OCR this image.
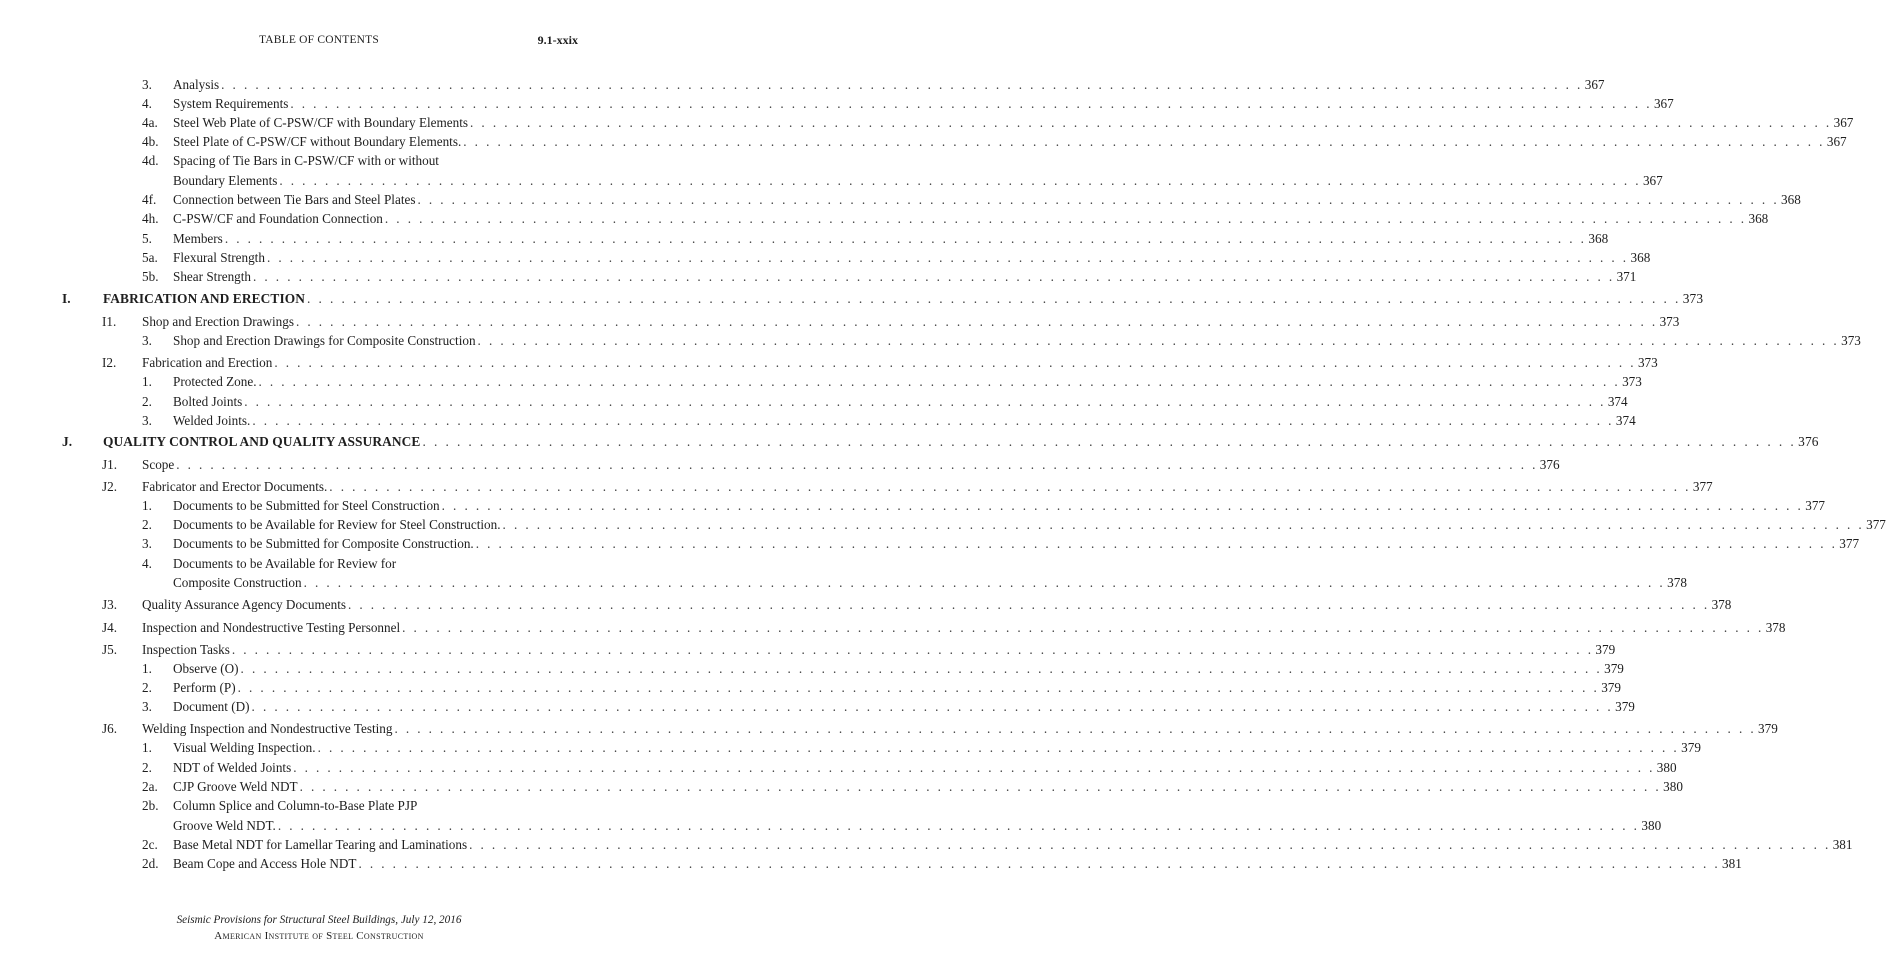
TABLE OF CONTENTS	9.1-xxix
3. Analysis . . . . . . . . . . . . . . . . . . . . . . . . . . . . . . . . . . . . . . . . . . . . . . . . . . . . . . . . . . . . . . . . . . . . . . . . . . . . . . . . . . . . . . . . . . . . . . . . . . . . . . . . . . . . . . . . . . . . . . . . 367
4. System Requirements . . . . . . . . . . . . . . . . . . . . . . . . . . . . . . . . . . . . . . . . . . . . . . . . . . . . . . . . . . . . . . . . . . . . . . . . . . . . . . . . . . . . . . . . . . . . . . . . . . . . . . . . . . . . . . . . . . . . . . . . 367
4a. Steel Web Plate of C-PSW/CF with Boundary Elements . . . . . . . . . . . . . . . . . . . . . . . . . . . . . . . . . . . . . . . . . . . . . . . . . . . . . . . . . . . . . . . . . . . . . . . . . . . . . . . . . . . . . . . . . . . . . . . . . . . . . . . . . . . . . . . . . . . . . . . . 367
4b. Steel Plate of C-PSW/CF without Boundary Elements. . . . . . . . . . . . . . . . . . . . . . . . . . . . . . . . . . . . . . . . . . . . . . . . . . . . . . . . . . . . . . . . . . . . . . . . . . . . . . . . . . . . . . . . . . . . . . . . . . . . . . . . . . . . . . . . . . . . . . . . . 367
4d. Spacing of Tie Bars in C-PSW/CF with or without
Boundary Elements . . . . . . . . . . . . . . . . . . . . . . . . . . . . . . . . . . . . . . . . . . . . . . . . . . . . . . . . . . . . . . . . . . . . . . . . . . . . . . . . . . . . . . . . . . . . . . . . . . . . . . . . . . . . . . . . . . . . . . . . 367
4f. Connection between Tie Bars and Steel Plates . . . . . . . . . . . . . . . . . . . . . . . . . . . . . . . . . . . . . . . . . . . . . . . . . . . . . . . . . . . . . . . . . . . . . . . . . . . . . . . . . . . . . . . . . . . . . . . . . . . . . . . . . . . . . . . . . . . . . . . . 368
4h. C-PSW/CF and Foundation Connection . . . . . . . . . . . . . . . . . . . . . . . . . . . . . . . . . . . . . . . . . . . . . . . . . . . . . . . . . . . . . . . . . . . . . . . . . . . . . . . . . . . . . . . . . . . . . . . . . . . . . . . . . . . . . . . . . . . . . . . . 368
5. Members . . . . . . . . . . . . . . . . . . . . . . . . . . . . . . . . . . . . . . . . . . . . . . . . . . . . . . . . . . . . . . . . . . . . . . . . . . . . . . . . . . . . . . . . . . . . . . . . . . . . . . . . . . . . . . . . . . . . . . . . 368
5a. Flexural Strength . . . . . . . . . . . . . . . . . . . . . . . . . . . . . . . . . . . . . . . . . . . . . . . . . . . . . . . . . . . . . . . . . . . . . . . . . . . . . . . . . . . . . . . . . . . . . . . . . . . . . . . . . . . . . . . . . . . . . . . . 368
5b. Shear Strength . . . . . . . . . . . . . . . . . . . . . . . . . . . . . . . . . . . . . . . . . . . . . . . . . . . . . . . . . . . . . . . . . . . . . . . . . . . . . . . . . . . . . . . . . . . . . . . . . . . . . . . . . . . . . . . . . . . . . . . . 371
I. FABRICATION AND ERECTION . . . . . . . . . . . . . . . . . . . . . . . . . . . . . . . . . . . . . . . . . . . . . . . . . . . . . . . . . . . . . . . . . . . . . . . . . . . . . . . . . . . . . . . . . . . . . . . . . . . . . . . . . . . . . . . . . . . . . . . . 373
I1. Shop and Erection Drawings . . . . . . . . . . . . . . . . . . . . . . . . . . . . . . . . . . . . . . . . . . . . . . . . . . . . . . . . . . . . . . . . . . . . . . . . . . . . . . . . . . . . . . . . . . . . . . . . . . . . . . . . . . . . . . . . . . . . . . . . 373
3. Shop and Erection Drawings for Composite Construction . . . . . . . . . . . . . . . . . . . . . . . . . . . . . . . . . . . . . . . . . . . . . . . . . . . . . . . . . . . . . . . . . . . . . . . . . . . . . . . . . . . . . . . . . . . . . . . . . . . . . . . . . . . . . . . . . . . . . . . . 373
I2. Fabrication and Erection . . . . . . . . . . . . . . . . . . . . . . . . . . . . . . . . . . . . . . . . . . . . . . . . . . . . . . . . . . . . . . . . . . . . . . . . . . . . . . . . . . . . . . . . . . . . . . . . . . . . . . . . . . . . . . . . . . . . . . . . 373
1. Protected Zone. . . . . . . . . . . . . . . . . . . . . . . . . . . . . . . . . . . . . . . . . . . . . . . . . . . . . . . . . . . . . . . . . . . . . . . . . . . . . . . . . . . . . . . . . . . . . . . . . . . . . . . . . . . . . . . . . . . . . . . . . 373
2. Bolted Joints . . . . . . . . . . . . . . . . . . . . . . . . . . . . . . . . . . . . . . . . . . . . . . . . . . . . . . . . . . . . . . . . . . . . . . . . . . . . . . . . . . . . . . . . . . . . . . . . . . . . . . . . . . . . . . . . . . . . . . . . 374
3. Welded Joints. . . . . . . . . . . . . . . . . . . . . . . . . . . . . . . . . . . . . . . . . . . . . . . . . . . . . . . . . . . . . . . . . . . . . . . . . . . . . . . . . . . . . . . . . . . . . . . . . . . . . . . . . . . . . . . . . . . . . . . . . 374
J. QUALITY CONTROL AND QUALITY ASSURANCE . . . . . . . . . . . . . . . . . . . . . . . . . . . . . . . . . . . . . . . . . . . . . . . . . . . . . . . . . . . . . . . . . . . . . . . . . . . . . . . . . . . . . . . . . . . . . . . . . . . . . . . . . . . . . . . . . . . . . . . . 376
J1. Scope . . . . . . . . . . . . . . . . . . . . . . . . . . . . . . . . . . . . . . . . . . . . . . . . . . . . . . . . . . . . . . . . . . . . . . . . . . . . . . . . . . . . . . . . . . . . . . . . . . . . . . . . . . . . . . . . . . . . . . . . 376
J2. Fabricator and Erector Documents. . . . . . . . . . . . . . . . . . . . . . . . . . . . . . . . . . . . . . . . . . . . . . . . . . . . . . . . . . . . . . . . . . . . . . . . . . . . . . . . . . . . . . . . . . . . . . . . . . . . . . . . . . . . . . . . . . . . . . . . . 377
1. Documents to be Submitted for Steel Construction . . . . . . . . . . . . . . . . . . . . . . . . . . . . . . . . . . . . . . . . . . . . . . . . . . . . . . . . . . . . . . . . . . . . . . . . . . . . . . . . . . . . . . . . . . . . . . . . . . . . . . . . . . . . . . . . . . . . . . . . 377
2. Documents to be Available for Review for Steel Construction. . . . . . . . . . . . . . . . . . . . . . . . . . . . . . . . . . . . . . . . . . . . . . . . . . . . . . . . . . . . . . . . . . . . . . . . . . . . . . . . . . . . . . . . . . . . . . . . . . . . . . . . . . . . . . . . . . . . . . . . . 377
3. Documents to be Submitted for Composite Construction. . . . . . . . . . . . . . . . . . . . . . . . . . . . . . . . . . . . . . . . . . . . . . . . . . . . . . . . . . . . . . . . . . . . . . . . . . . . . . . . . . . . . . . . . . . . . . . . . . . . . . . . . . . . . . . . . . . . . . . . . 377
4. Documents to be Available for Review for
Composite Construction . . . . . . . . . . . . . . . . . . . . . . . . . . . . . . . . . . . . . . . . . . . . . . . . . . . . . . . . . . . . . . . . . . . . . . . . . . . . . . . . . . . . . . . . . . . . . . . . . . . . . . . . . . . . . . . . . . . . . . . . 378
J3. Quality Assurance Agency Documents . . . . . . . . . . . . . . . . . . . . . . . . . . . . . . . . . . . . . . . . . . . . . . . . . . . . . . . . . . . . . . . . . . . . . . . . . . . . . . . . . . . . . . . . . . . . . . . . . . . . . . . . . . . . . . . . . . . . . . . . 378
J4. Inspection and Nondestructive Testing Personnel . . . . . . . . . . . . . . . . . . . . . . . . . . . . . . . . . . . . . . . . . . . . . . . . . . . . . . . . . . . . . . . . . . . . . . . . . . . . . . . . . . . . . . . . . . . . . . . . . . . . . . . . . . . . . . . . . . . . . . . . 378
J5. Inspection Tasks . . . . . . . . . . . . . . . . . . . . . . . . . . . . . . . . . . . . . . . . . . . . . . . . . . . . . . . . . . . . . . . . . . . . . . . . . . . . . . . . . . . . . . . . . . . . . . . . . . . . . . . . . . . . . . . . . . . . . . . . 379
1. Observe (O) . . . . . . . . . . . . . . . . . . . . . . . . . . . . . . . . . . . . . . . . . . . . . . . . . . . . . . . . . . . . . . . . . . . . . . . . . . . . . . . . . . . . . . . . . . . . . . . . . . . . . . . . . . . . . . . . . . . . . . . . 379
2. Perform (P) . . . . . . . . . . . . . . . . . . . . . . . . . . . . . . . . . . . . . . . . . . . . . . . . . . . . . . . . . . . . . . . . . . . . . . . . . . . . . . . . . . . . . . . . . . . . . . . . . . . . . . . . . . . . . . . . . . . . . . . . 379
3. Document (D) . . . . . . . . . . . . . . . . . . . . . . . . . . . . . . . . . . . . . . . . . . . . . . . . . . . . . . . . . . . . . . . . . . . . . . . . . . . . . . . . . . . . . . . . . . . . . . . . . . . . . . . . . . . . . . . . . . . . . . . . 379
J6. Welding Inspection and Nondestructive Testing . . . . . . . . . . . . . . . . . . . . . . . . . . . . . . . . . . . . . . . . . . . . . . . . . . . . . . . . . . . . . . . . . . . . . . . . . . . . . . . . . . . . . . . . . . . . . . . . . . . . . . . . . . . . . . . . . . . . . . . . 379
1. Visual Welding Inspection. . . . . . . . . . . . . . . . . . . . . . . . . . . . . . . . . . . . . . . . . . . . . . . . . . . . . . . . . . . . . . . . . . . . . . . . . . . . . . . . . . . . . . . . . . . . . . . . . . . . . . . . . . . . . . . . . . . . . . . . . 379
2. NDT of Welded Joints . . . . . . . . . . . . . . . . . . . . . . . . . . . . . . . . . . . . . . . . . . . . . . . . . . . . . . . . . . . . . . . . . . . . . . . . . . . . . . . . . . . . . . . . . . . . . . . . . . . . . . . . . . . . . . . . . . . . . . . . 380
2a. CJP Groove Weld NDT . . . . . . . . . . . . . . . . . . . . . . . . . . . . . . . . . . . . . . . . . . . . . . . . . . . . . . . . . . . . . . . . . . . . . . . . . . . . . . . . . . . . . . . . . . . . . . . . . . . . . . . . . . . . . . . . . . . . . . . . 380
2b. Column Splice and Column-to-Base Plate PJP
Groove Weld NDT. . . . . . . . . . . . . . . . . . . . . . . . . . . . . . . . . . . . . . . . . . . . . . . . . . . . . . . . . . . . . . . . . . . . . . . . . . . . . . . . . . . . . . . . . . . . . . . . . . . . . . . . . . . . . . . . . . . . . . . . . 380
2c. Base Metal NDT for Lamellar Tearing and Laminations . . . . . . . . . . . . . . . . . . . . . . . . . . . . . . . . . . . . . . . . . . . . . . . . . . . . . . . . . . . . . . . . . . . . . . . . . . . . . . . . . . . . . . . . . . . . . . . . . . . . . . . . . . . . . . . . . . . . . . . . 381
2d. Beam Cope and Access Hole NDT . . . . . . . . . . . . . . . . . . . . . . . . . . . . . . . . . . . . . . . . . . . . . . . . . . . . . . . . . . . . . . . . . . . . . . . . . . . . . . . . . . . . . . . . . . . . . . . . . . . . . . . . . . . . . . . . . . . . . . . . 381
Seismic Provisions for Structural Steel Buildings, July 12, 2016
American Institute of Steel Construction
